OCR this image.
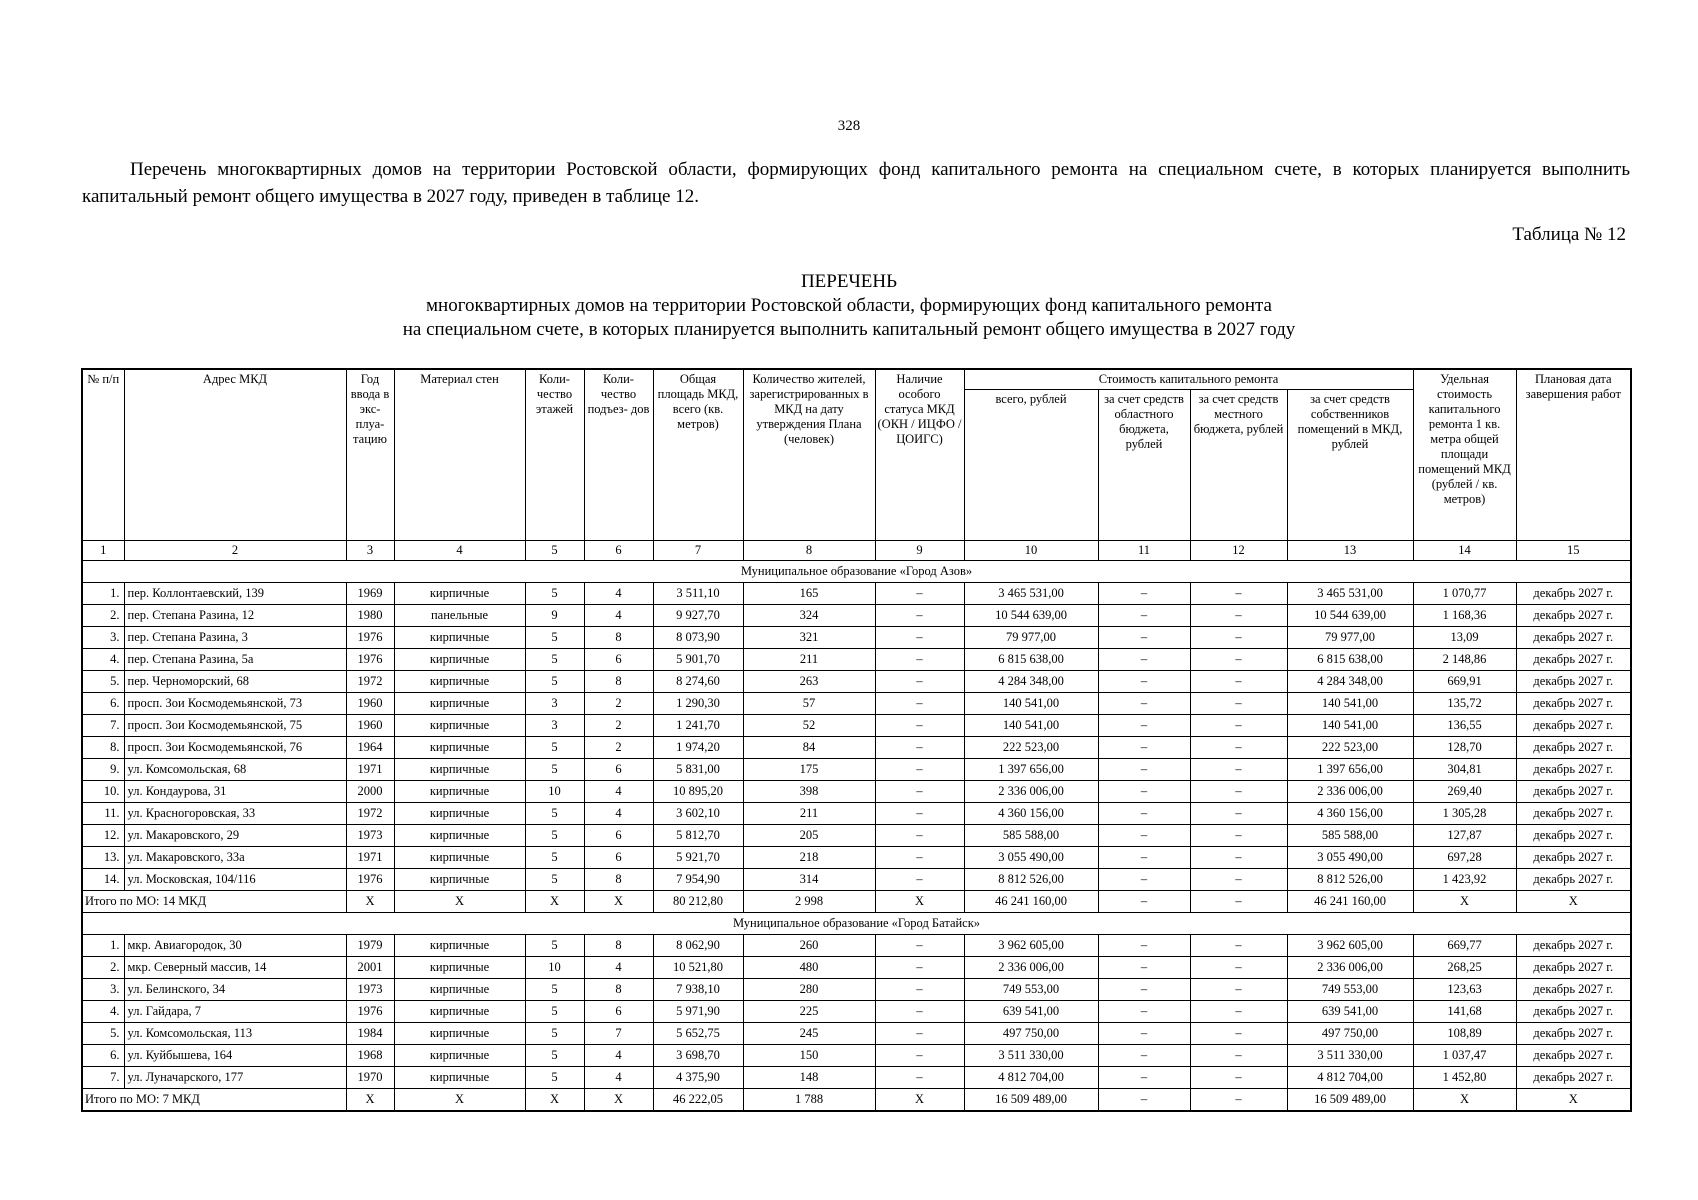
328
Перечень многоквартирных домов на территории Ростовской области, формирующих фонд капитального ремонта на специальном счете, в которых планируется выполнить капитальный ремонт общего имущества в 2027 году, приведен в таблице 12.
Таблица № 12
ПЕРЕЧЕНЬ
многоквартирных домов на территории Ростовской области, формирующих фонд капитального ремонта
на специальном счете, в которых планируется выполнить капитальный ремонт общего имущества в 2027 году
№ п/п	Адрес МКД	Год ввода в экс- плуа- тацию	Материал стен	Коли- чество этажей	Коли- чество подъез- дов	Общая площадь МКД, всего (кв. метров)	Количество жителей, зарегистрированных в МКД на дату утверждения Плана (человек)	Наличие особого статуса МКД (ОКН / ИЦФО / ЦОИГС)	Стоимость капитального ремонта				Удельная стоимость капитального ремонта 1 кв. метра общей площади помещений МКД (рублей / кв. метров)	Плановая дата завершения работ
									всего, рублей	за счет средств областного бюджета, рублей	за счет средств местного бюджета, рублей	за счет средств собственников помещений в МКД, рублей		
1	2	3	4	5	6	7	8	9	10	11	12	13	14	15
Муниципальное образование «Город Азов»														
1.	пер. Коллонтаевский, 139	1969	кирпичные	5	4	3 511,10	165	–	3 465 531,00	–	–	3 465 531,00	1 070,77	декабрь 2027 г.
2.	пер. Степана Разина, 12	1980	панельные	9	4	9 927,70	324	–	10 544 639,00	–	–	10 544 639,00	1 168,36	декабрь 2027 г.
3.	пер. Степана Разина, 3	1976	кирпичные	5	8	8 073,90	321	–	79 977,00	–	–	79 977,00	13,09	декабрь 2027 г.
4.	пер. Степана Разина, 5а	1976	кирпичные	5	6	5 901,70	211	–	6 815 638,00	–	–	6 815 638,00	2 148,86	декабрь 2027 г.
5.	пер. Черноморский, 68	1972	кирпичные	5	8	8 274,60	263	–	4 284 348,00	–	–	4 284 348,00	669,91	декабрь 2027 г.
6.	просп. Зои Космодемьянской, 73	1960	кирпичные	3	2	1 290,30	57	–	140 541,00	–	–	140 541,00	135,72	декабрь 2027 г.
7.	просп. Зои Космодемьянской, 75	1960	кирпичные	3	2	1 241,70	52	–	140 541,00	–	–	140 541,00	136,55	декабрь 2027 г.
8.	просп. Зои Космодемьянской, 76	1964	кирпичные	5	2	1 974,20	84	–	222 523,00	–	–	222 523,00	128,70	декабрь 2027 г.
9.	ул. Комсомольская, 68	1971	кирпичные	5	6	5 831,00	175	–	1 397 656,00	–	–	1 397 656,00	304,81	декабрь 2027 г.
10.	ул. Кондаурова, 31	2000	кирпичные	10	4	10 895,20	398	–	2 336 006,00	–	–	2 336 006,00	269,40	декабрь 2027 г.
11.	ул. Красногоровская, 33	1972	кирпичные	5	4	3 602,10	211	–	4 360 156,00	–	–	4 360 156,00	1 305,28	декабрь 2027 г.
12.	ул. Макаровского, 29	1973	кирпичные	5	6	5 812,70	205	–	585 588,00	–	–	585 588,00	127,87	декабрь 2027 г.
13.	ул. Макаровского, 33а	1971	кирпичные	5	6	5 921,70	218	–	3 055 490,00	–	–	3 055 490,00	697,28	декабрь 2027 г.
14.	ул. Московская, 104/116	1976	кирпичные	5	8	7 954,90	314	–	8 812 526,00	–	–	8 812 526,00	1 423,92	декабрь 2027 г.
Итого по МО: 14 МКД		X	X	X	X	80 212,80	2 998	X	46 241 160,00	–	–	46 241 160,00	X	X
Муниципальное образование «Город Батайск»														
1.	мкр. Авиагородок, 30	1979	кирпичные	5	8	8 062,90	260	–	3 962 605,00	–	–	3 962 605,00	669,77	декабрь 2027 г.
2.	мкр. Северный массив, 14	2001	кирпичные	10	4	10 521,80	480	–	2 336 006,00	–	–	2 336 006,00	268,25	декабрь 2027 г.
3.	ул. Белинского, 34	1973	кирпичные	5	8	7 938,10	280	–	749 553,00	–	–	749 553,00	123,63	декабрь 2027 г.
4.	ул. Гайдара, 7	1976	кирпичные	5	6	5 971,90	225	–	639 541,00	–	–	639 541,00	141,68	декабрь 2027 г.
5.	ул. Комсомольская, 113	1984	кирпичные	5	7	5 652,75	245	–	497 750,00	–	–	497 750,00	108,89	декабрь 2027 г.
6.	ул. Куйбышева, 164	1968	кирпичные	5	4	3 698,70	150	–	3 511 330,00	–	–	3 511 330,00	1 037,47	декабрь 2027 г.
7.	ул. Луначарского, 177	1970	кирпичные	5	4	4 375,90	148	–	4 812 704,00	–	–	4 812 704,00	1 452,80	декабрь 2027 г.
Итого по МО: 7 МКД		X	X	X	X	46 222,05	1 788	X	16 509 489,00	–	–	16 509 489,00	X	X
